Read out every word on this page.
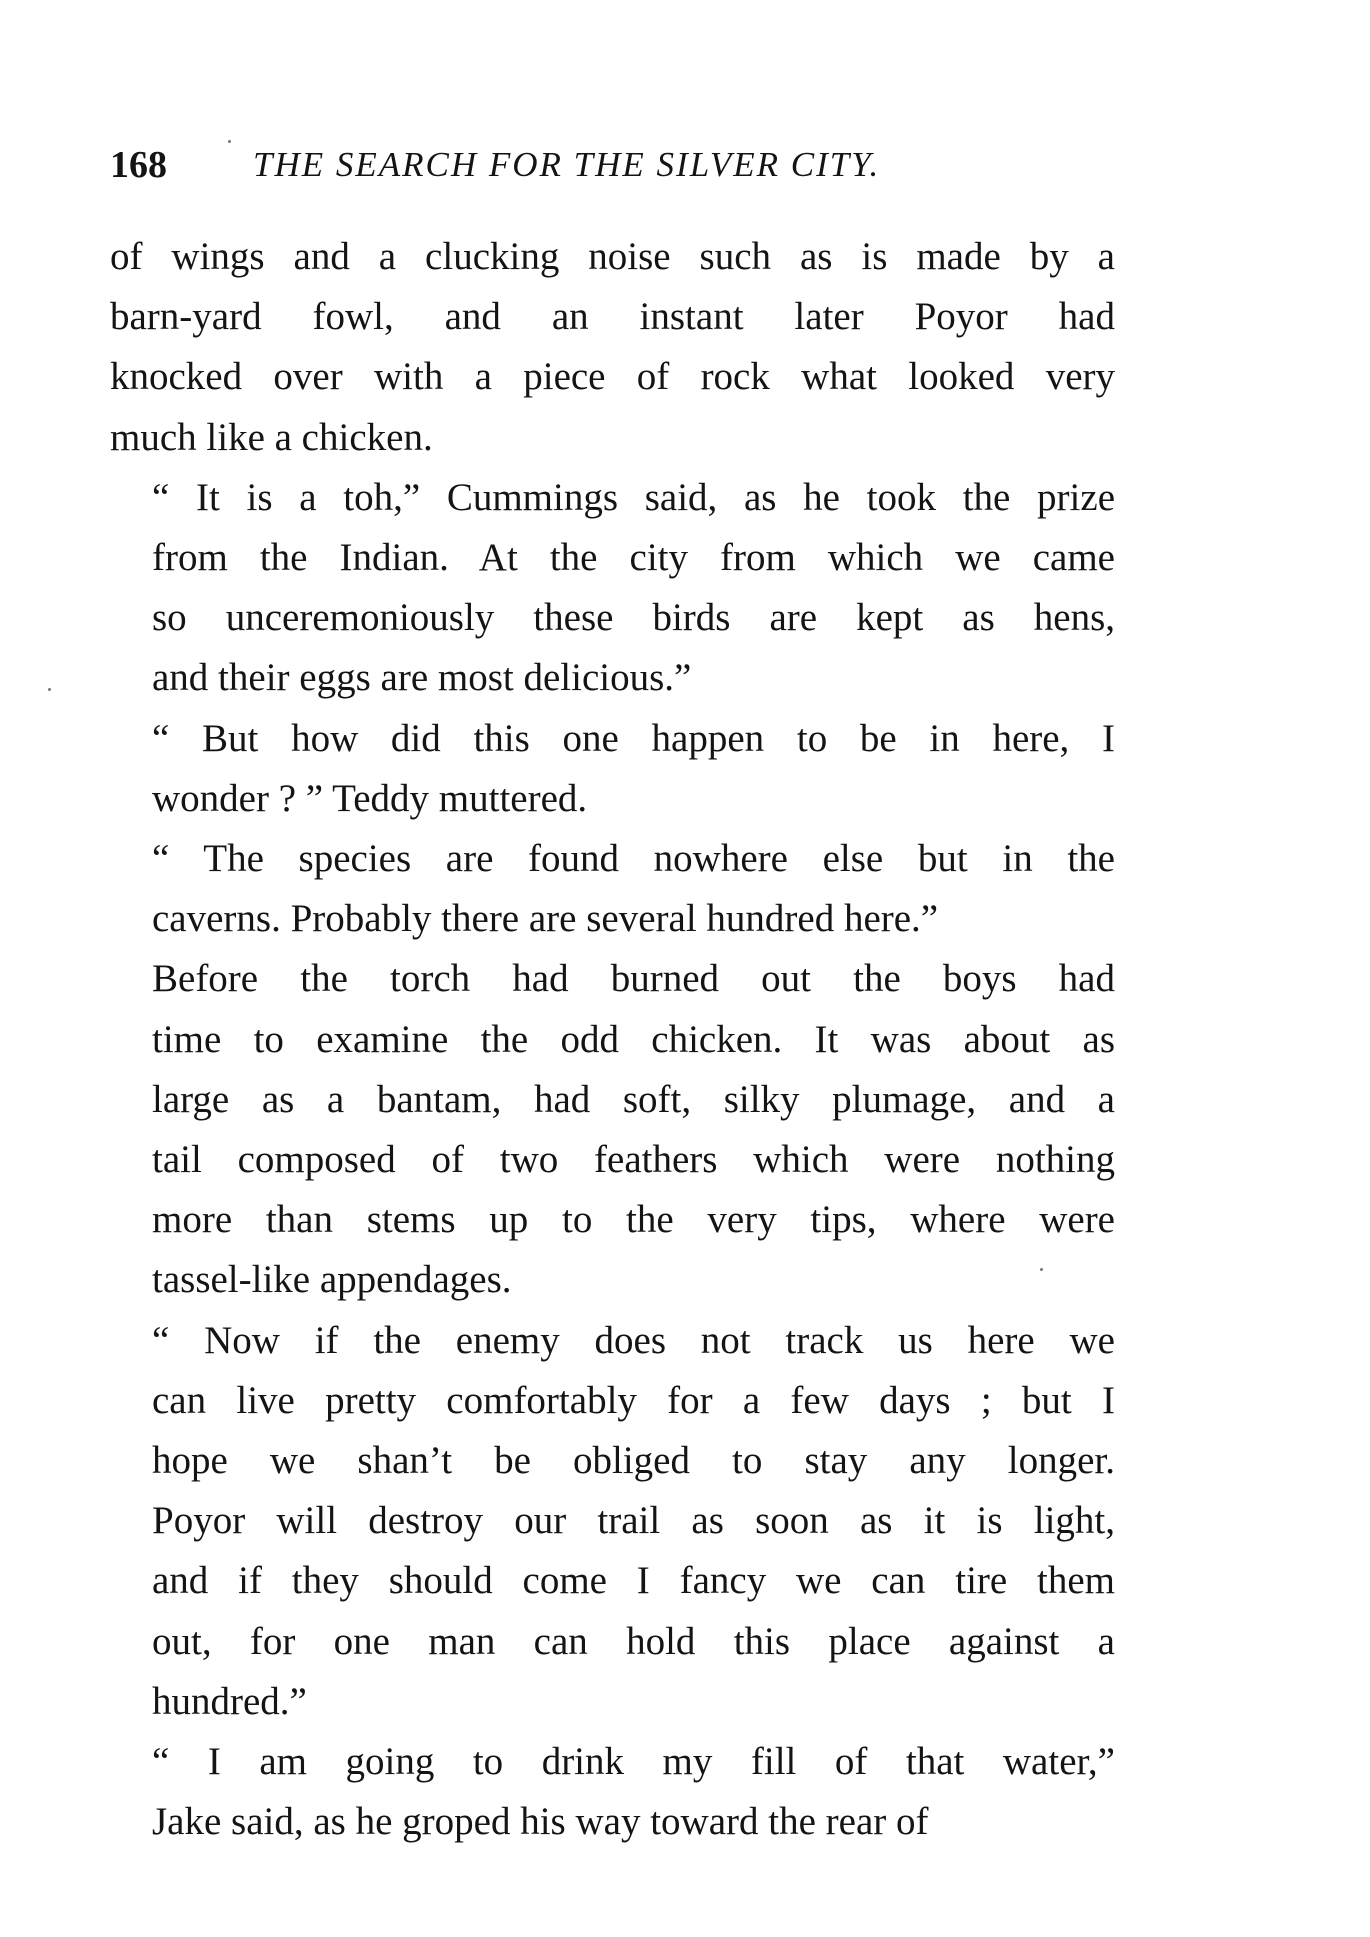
168 THE SEARCH FOR THE SILVER CITY.

of wings and a clucking noise such as is made by a
barn-yard fowl, and an instant later Poyor had
knocked over with a piece of rock what looked very
much like a chicken.

“ It is a toh,” Cummings said, as he took the prize
from the Indian. At the city from which we came
so unceremoniously these birds are kept as hens,
and their eggs are most delicious.”

“ But how did this one happen to be in here, I
wonder ? ” Teddy muttered.

“ The species are found nowhere else but in the
caverns. Probably there are several hundred here.”

Before the torch had burned out the boys had
time to examine the odd chicken. It was about as
large as a bantam, had soft, silky plumage, and a
tail composed of two feathers which were nothing
more than stems up to the very tips, where were
tassel-like appendages.

“ Now if the enemy does not track us here we
can live pretty comfortably for a few days ; but I
hope we shan’t be obliged to stay any longer.
Poyor will destroy our trail as soon as it is light,
and if they should come I fancy we can tire them
out, for one man can hold this place against a
hundred.”

“ I am going to drink my fill of that water,”
Jake said, as he groped his way toward the rear of
